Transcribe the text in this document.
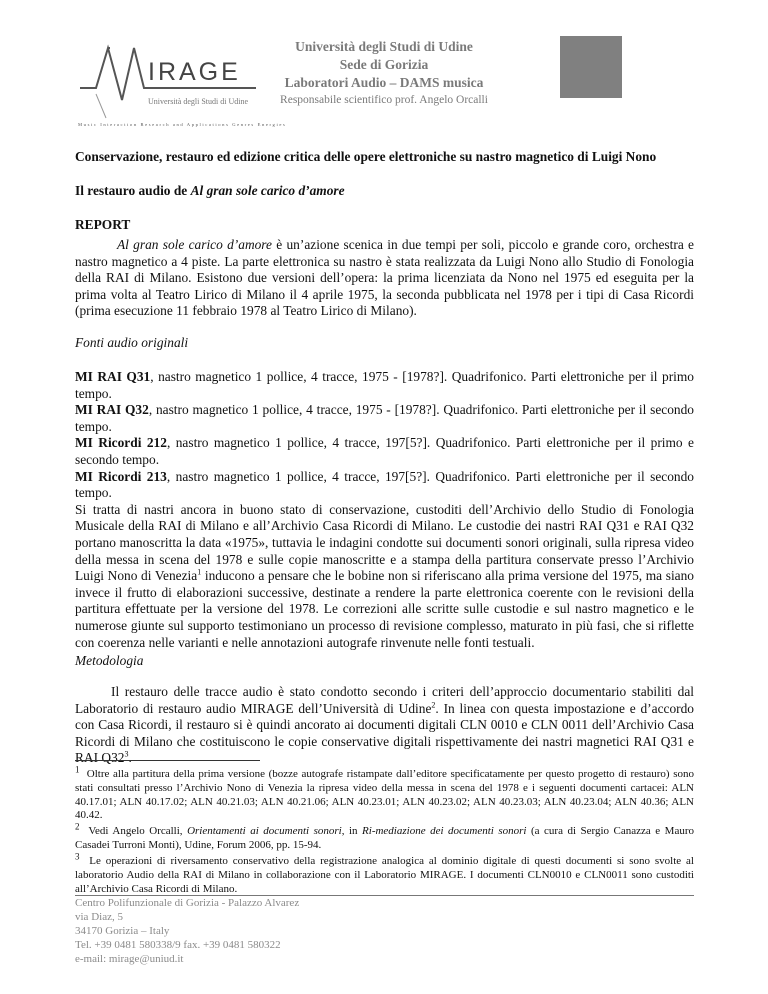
IRAGE
Università degli Studi di Udine
Music Interaction Research and Applications Genres Energies
Università degli Studi di Udine
Sede di Gorizia
Laboratori Audio – DAMS musica
Responsabile scientifico prof. Angelo Orcalli
Conservazione, restauro ed edizione critica delle opere elettroniche su nastro magnetico di Luigi Nono
Il restauro audio de Al gran sole carico d’amore
REPORT
Al gran sole carico d’amore è un’azione scenica in due tempi per soli, piccolo e grande coro, orchestra e nastro magnetico a 4 piste. La parte elettronica su nastro è stata realizzata da Luigi Nono allo Studio di Fonologia della RAI di Milano. Esistono due versioni dell’opera: la prima licenziata da Nono nel 1975 ed eseguita per la prima volta al Teatro Lirico di Milano il 4 aprile 1975, la seconda pubblicata nel 1978 per i tipi di Casa Ricordi (prima esecuzione 11 febbraio 1978 al Teatro Lirico di Milano).
Fonti audio originali
MI RAI Q31, nastro magnetico 1 pollice, 4 tracce, 1975 - [1978?]. Quadrifonico. Parti elettroniche per il primo tempo.
MI RAI Q32, nastro magnetico 1 pollice, 4 tracce, 1975 - [1978?]. Quadrifonico. Parti elettroniche per il secondo tempo.
MI Ricordi 212, nastro magnetico 1 pollice, 4 tracce, 197[5?]. Quadrifonico. Parti elettroniche per il primo e secondo tempo.
MI Ricordi 213, nastro magnetico 1 pollice, 4 tracce, 197[5?]. Quadrifonico. Parti elettroniche per il secondo tempo.
Si tratta di nastri ancora in buono stato di conservazione, custoditi dell’Archivio dello Studio di Fonologia Musicale della RAI di Milano e all’Archivio Casa Ricordi di Milano. Le custodie dei nastri RAI Q31 e RAI Q32 portano manoscritta la data «1975», tuttavia le indagini condotte sui documenti sonori originali, sulla ripresa video della messa in scena del 1978 e sulle copie manoscritte e a stampa della partitura conservate presso l’Archivio Luigi Nono di Venezia$^1$ inducono a pensare che le bobine non si riferiscano alla prima versione del 1975, ma siano invece il frutto di elaborazioni successive, destinate a rendere la parte elettronica coerente con le revisioni della partitura effettuate per la versione del 1978. Le correzioni alle scritte sulle custodie e sul nastro magnetico e le numerose giunte sul supporto testimoniano un processo di revisione complesso, maturato in più fasi, che si riflette con coerenza nelle varianti e nelle annotazioni autografe rinvenute nelle fonti testuali.
Metodologia
Il restauro delle tracce audio è stato condotto secondo i criteri dell’approccio documentario stabiliti dal Laboratorio di restauro audio MIRAGE dell’Università di Udine$^2$. In linea con questa impostazione e d’accordo con Casa Ricordi, il restauro si è quindi ancorato ai documenti digitali CLN 0010 e CLN 0011 dell’Archivio Casa Ricordi di Milano che costituiscono le copie conservative digitali rispettivamente dei nastri magnetici RAI Q31 e RAI $Q32^3$.
$^1$ Oltre alla partitura della prima versione (bozze autografe ristampate dall’editore specificatamente per questo progetto di restauro) sono stati consultati presso l’Archivio Nono di Venezia la ripresa video della messa in scena del 1978 e i seguenti documenti cartacei: ALN 40.17.01; ALN 40.17.02; ALN 40.21.03; ALN 40.21.06; ALN 40.23.01; ALN 40.23.02; ALN 40.23.03; ALN 40.23.04; ALN 40.36; ALN 40.42.
$^2$ Vedi Angelo Orcalli, Orientamenti ai documenti sonori, in Ri-mediazione dei documenti sonori (a cura di Sergio Canazza e Mauro Casadei Turroni Monti), Udine, Forum 2006, pp. 15-94.
$^3$ Le operazioni di riversamento conservativo della registrazione analogica al dominio digitale di questi documenti si sono svolte al laboratorio Audio della RAI di Milano in collaborazione con il Laboratorio MIRAGE. I documenti CLN0010 e CLN0011 sono custoditi all’Archivio Casa Ricordi di Milano.
Centro Polifunzionale di Gorizia - Palazzo Alvarez
via Diaz, 5
34170 Gorizia – Italy
Tel. +39 0481 580338/9 fax. +39 0481 580322
e-mail: mirage@uniud.it
